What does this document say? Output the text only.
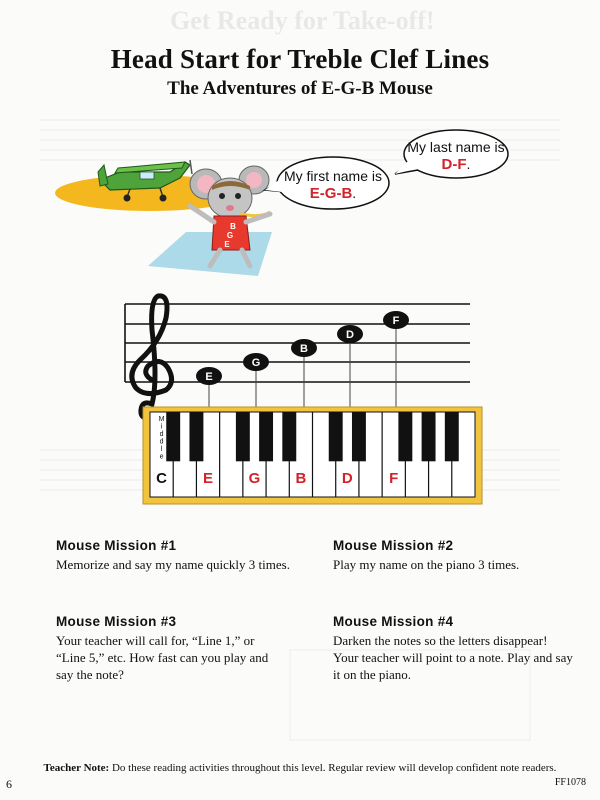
Get Ready for Take-off!
Head Start for Treble Clef Lines
The Adventures of E-G-B Mouse
B
G
E
E
G
B
D
F
C E G B D F
M
i
d
d
l
e
My first name is
E-G-B.
My last name is
D-F.
Mouse Mission #1

Memorize and say my name quickly 3 times.

Mouse Mission #2

Play my name on the piano 3 times.

Mouse Mission #3

Your teacher will call for, “Line 1,” or “Line 5,” etc. How fast can you play and say the note?

Mouse Mission #4

Darken the notes so the letters disappear! Your teacher will point to a note. Play and say it on the piano.

Teacher Note: Do these reading activities throughout this level. Regular review will develop confident note readers.
6	FF1078
